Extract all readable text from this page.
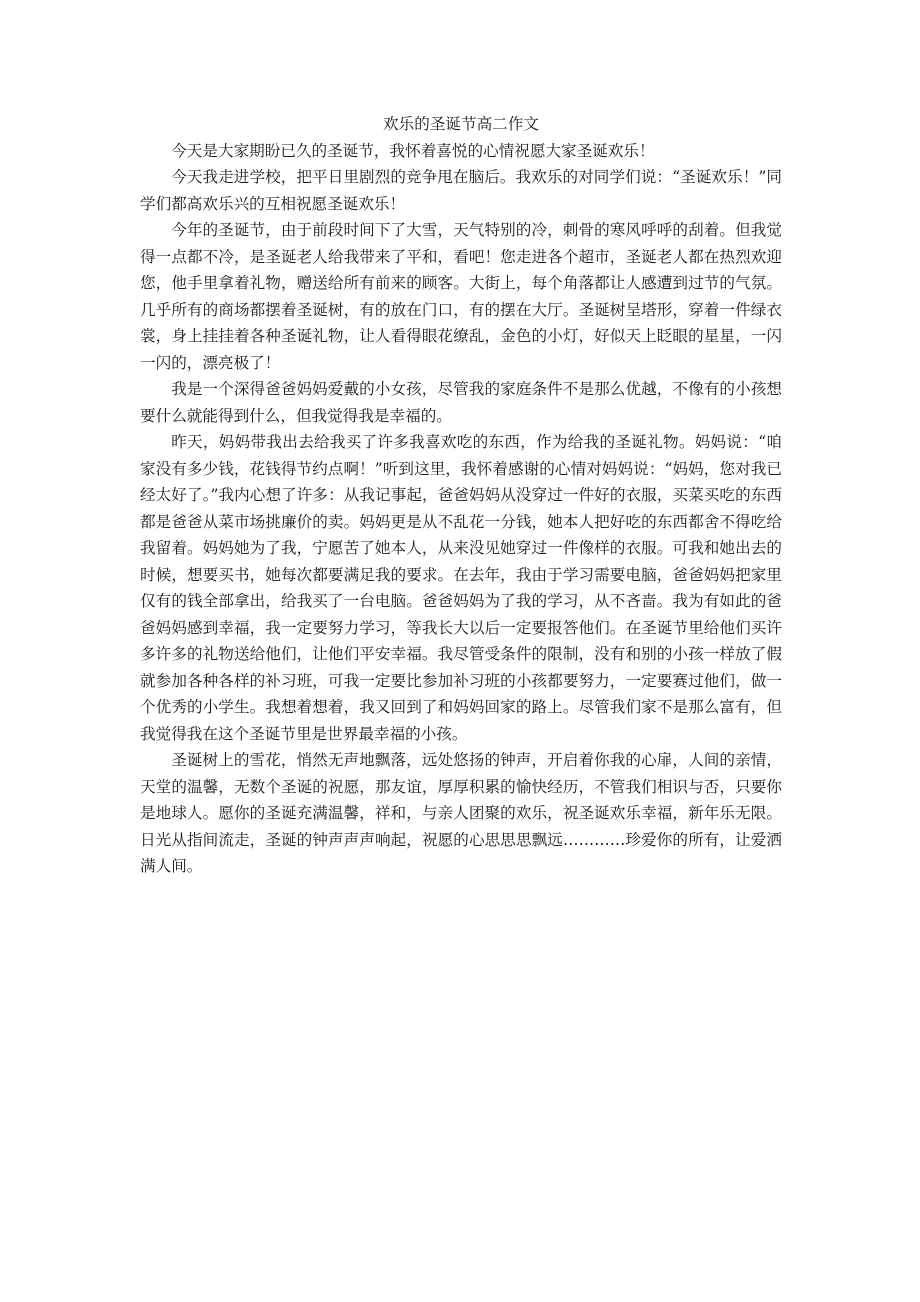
欢乐的圣诞节高二作文

今天是大家期盼已久的圣诞节，我怀着喜悦的心情祝愿大家圣诞欢乐！

今天我走进学校，把平日里剧烈的竞争甩在脑后。我欢乐的对同学们说：“圣诞欢乐！”同学们都高欢乐兴的互相祝愿圣诞欢乐！

今年的圣诞节，由于前段时间下了大雪，天气特别的冷，刺骨的寒风呼呼的刮着。但我觉得一点都不冷，是圣诞老人给我带来了平和，看吧！您走进各个超市，圣诞老人都在热烈欢迎您，他手里拿着礼物，赠送给所有前来的顾客。大街上，每个角落都让人感遭到过节的气氛。几乎所有的商场都摆着圣诞树，有的放在门口，有的摆在大厅。圣诞树呈塔形，穿着一件绿衣裳，身上挂挂着各种圣诞礼物，让人看得眼花缭乱，金色的小灯，好似天上眨眼的星星，一闪一闪的，漂亮极了！

我是一个深得爸爸妈妈爱戴的小女孩，尽管我的家庭条件不是那么优越，不像有的小孩想要什么就能得到什么，但我觉得我是幸福的。

昨天，妈妈带我出去给我买了许多我喜欢吃的东西，作为给我的圣诞礼物。妈妈说：“咱家没有多少钱，花钱得节约点啊！”听到这里，我怀着感谢的心情对妈妈说：“妈妈，您对我已经太好了。”我内心想了许多：从我记事起，爸爸妈妈从没穿过一件好的衣服，买菜买吃的东西都是爸爸从菜市场挑廉价的卖。妈妈更是从不乱花一分钱，她本人把好吃的东西都舍不得吃给我留着。妈妈她为了我，宁愿苦了她本人，从来没见她穿过一件像样的衣服。可我和她出去的时候，想要买书，她每次都要满足我的要求。在去年，我由于学习需要电脑，爸爸妈妈把家里仅有的钱全部拿出，给我买了一台电脑。爸爸妈妈为了我的学习，从不吝啬。我为有如此的爸爸妈妈感到幸福，我一定要努力学习，等我长大以后一定要报答他们。在圣诞节里给他们买许多许多的礼物送给他们，让他们平安幸福。我尽管受条件的限制，没有和别的小孩一样放了假就参加各种各样的补习班，可我一定要比参加补习班的小孩都要努力，一定要赛过他们，做一个优秀的小学生。我想着想着，我又回到了和妈妈回家的路上。尽管我们家不是那么富有，但我觉得我在这个圣诞节里是世界最幸福的小孩。

圣诞树上的雪花，悄然无声地飘落，远处悠扬的钟声，开启着你我的心扉，人间的亲情，天堂的温馨，无数个圣诞的祝愿，那友谊，厚厚积累的愉快经历，不管我们相识与否，只要你是地球人。愿你的圣诞充满温馨，祥和，与亲人团聚的欢乐，祝圣诞欢乐幸福，新年乐无限。日光从指间流走，圣诞的钟声声声响起，祝愿的心思思思飘远…………珍爱你的所有，让爱洒满人间。
